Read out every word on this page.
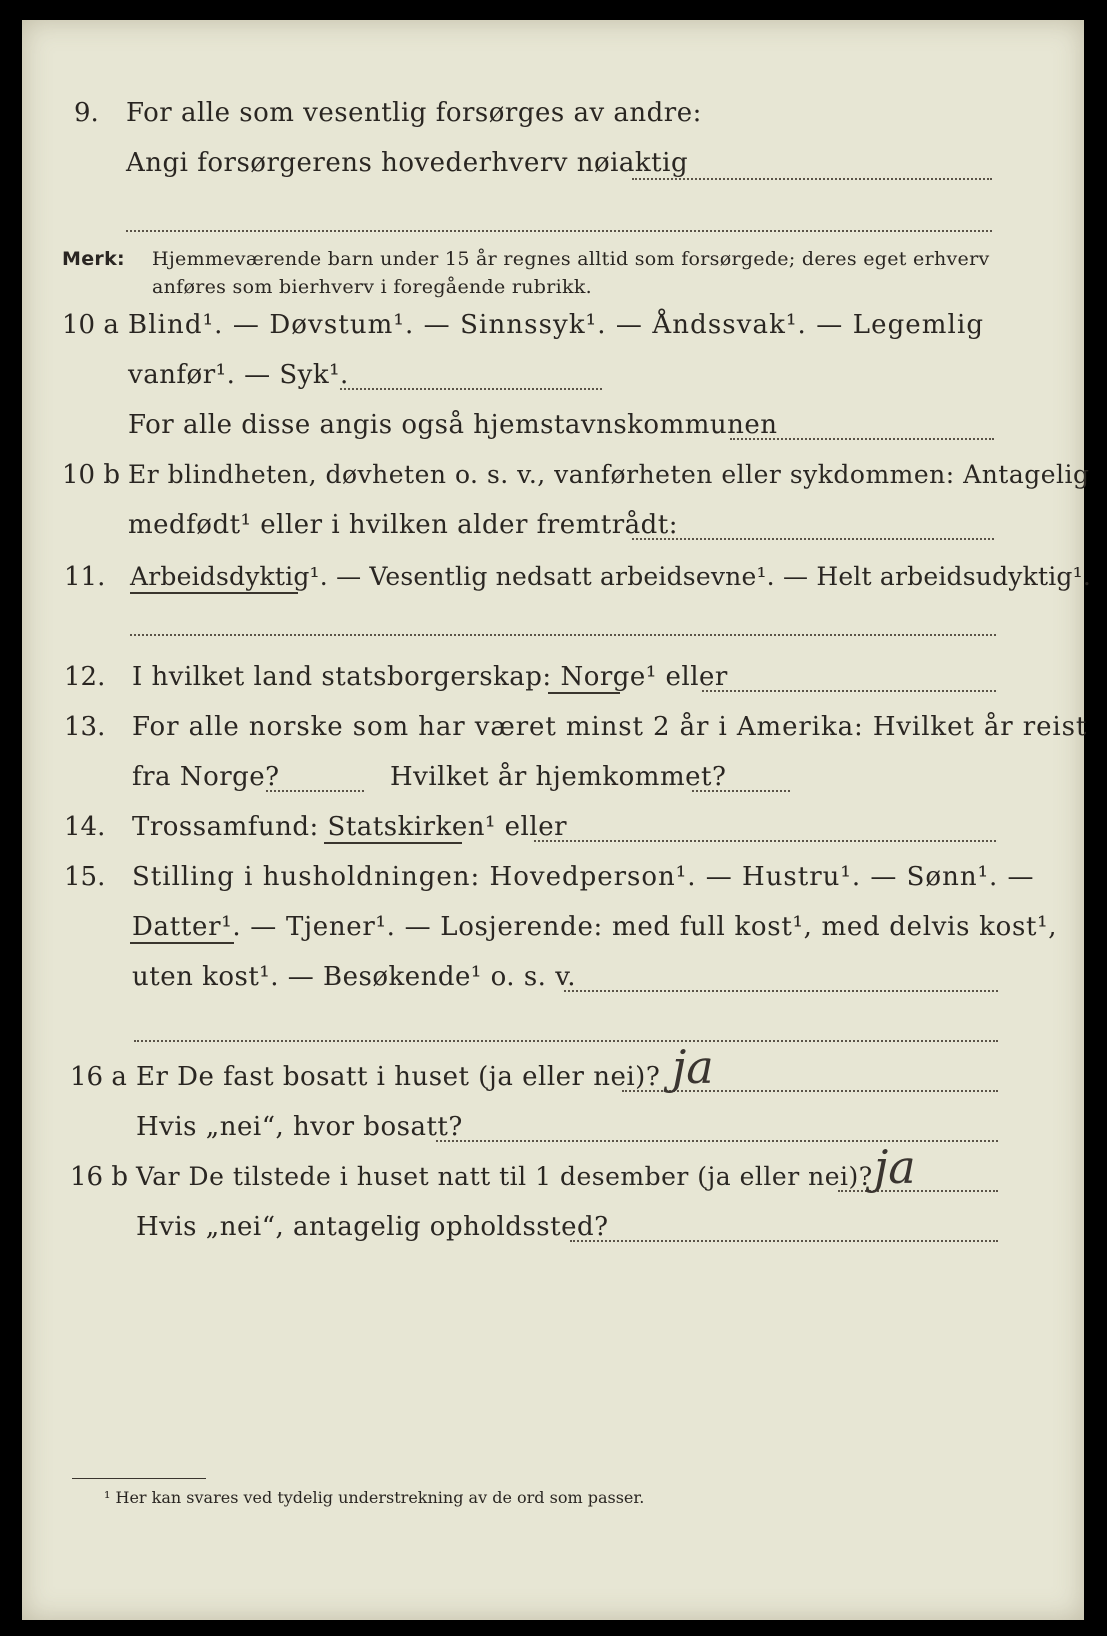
9. For alle som vesentlig forsørges av andre:
Angi forsørgerens hovederhverv nøiaktig
Merk: Hjemmeværende barn under 15 år regnes alltid som forsørgede; deres eget erhverv
anføres som bierhverv i foregående rubrikk.
10 a Blind¹. — Døvstum¹. — Sinnssyk¹. — Åndssvak¹. — Legemlig
vanfør¹. — Syk¹.
For alle disse angis også hjemstavnskommunen
10 b Er blindheten, døvheten o. s. v., vanførheten eller sykdommen: Antagelig
medfødt¹ eller i hvilken alder fremtrådt:
11. Arbeidsdyktig¹. — Vesentlig nedsatt arbeidsevne¹. — Helt arbeidsudyktig¹.
12. I hvilket land statsborgerskap: Norge¹ eller
13. For alle norske som har været minst 2 år i Amerika: Hvilket år reist
fra Norge?	Hvilket år hjemkommet?
14. Trossamfund: Statskirken¹ eller
15. Stilling i husholdningen: Hovedperson¹. — Hustru¹. — Sønn¹. —
Datter¹. — Tjener¹. — Losjerende: med full kost¹, med delvis kost¹,
uten kost¹. — Besøkende¹ o. s. v.
16 a Er De fast bosatt i huset (ja eller nei)? ja
Hvis „nei“, hvor bosatt?
16 b Var De tilstede i huset natt til 1 desember (ja eller nei)? ja
Hvis „nei“, antagelig opholdssted?
¹ Her kan svares ved tydelig understrekning av de ord som passer.
